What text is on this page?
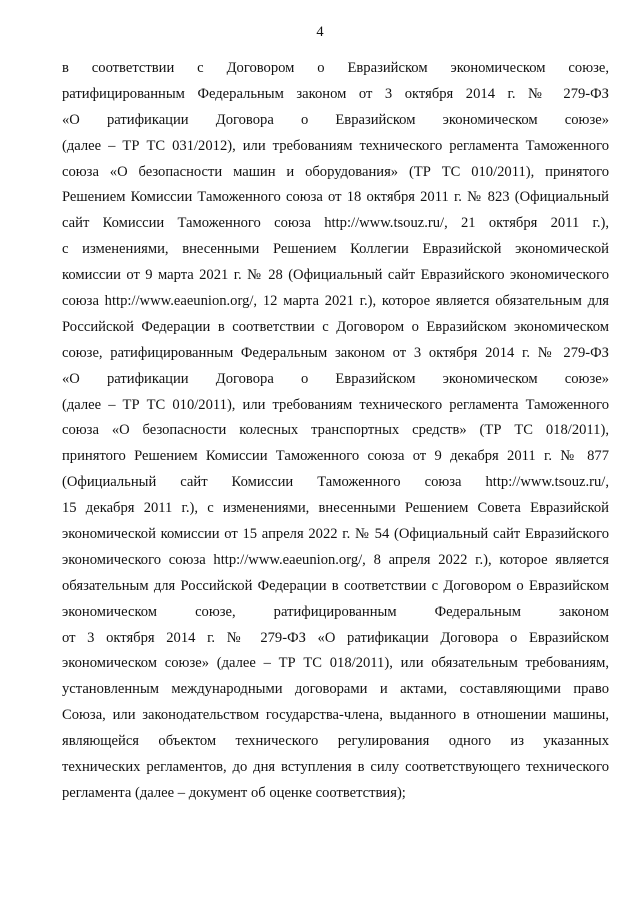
4
в соответствии с Договором о Евразийском экономическом союзе,
ратифицированным Федеральным законом от 3 октября 2014 г. № 279-ФЗ
«О ратификации Договора о Евразийском экономическом союзе»
(далее – ТР ТС 031/2012), или требованиям технического регламента Таможенного
союза «О безопасности машин и оборудования» (ТР ТС 010/2011), принятого
Решением Комиссии Таможенного союза от 18 октября 2011 г. № 823 (Официальный
сайт Комиссии Таможенного союза http://www.tsouz.ru/, 21 октября 2011 г.),
с изменениями, внесенными Решением Коллегии Евразийской экономической
комиссии от 9 марта 2021 г. № 28 (Официальный сайт Евразийского экономического
союза http://www.eaeunion.org/, 12 марта 2021 г.), которое является обязательным для
Российской Федерации в соответствии с Договором о Евразийском экономическом
союзе, ратифицированным Федеральным законом от 3 октября 2014 г. № 279-ФЗ
«О ратификации Договора о Евразийском экономическом союзе»
(далее – ТР ТС 010/2011), или требованиям технического регламента Таможенного
союза «О безопасности колесных транспортных средств» (ТР ТС 018/2011),
принятого Решением Комиссии Таможенного союза от 9 декабря 2011 г. № 877
(Официальный сайт Комиссии Таможенного союза http://www.tsouz.ru/,
15 декабря 2011 г.), с изменениями, внесенными Решением Совета Евразийской
экономической комиссии от 15 апреля 2022 г. № 54 (Официальный сайт Евразийского
экономического союза http://www.eaeunion.org/, 8 апреля 2022 г.), которое является
обязательным для Российской Федерации в соответствии с Договором о Евразийском
экономическом союзе, ратифицированным Федеральным законом
от 3 октября 2014 г. № 279-ФЗ «О ратификации Договора о Евразийском
экономическом союзе» (далее – ТР ТС 018/2011), или обязательным требованиям,
установленным международными договорами и актами, составляющими право
Союза, или законодательством государства-члена, выданного в отношении машины,
являющейся объектом технического регулирования одного из указанных
технических регламентов, до дня вступления в силу соответствующего технического
регламента (далее – документ об оценке соответствия);
